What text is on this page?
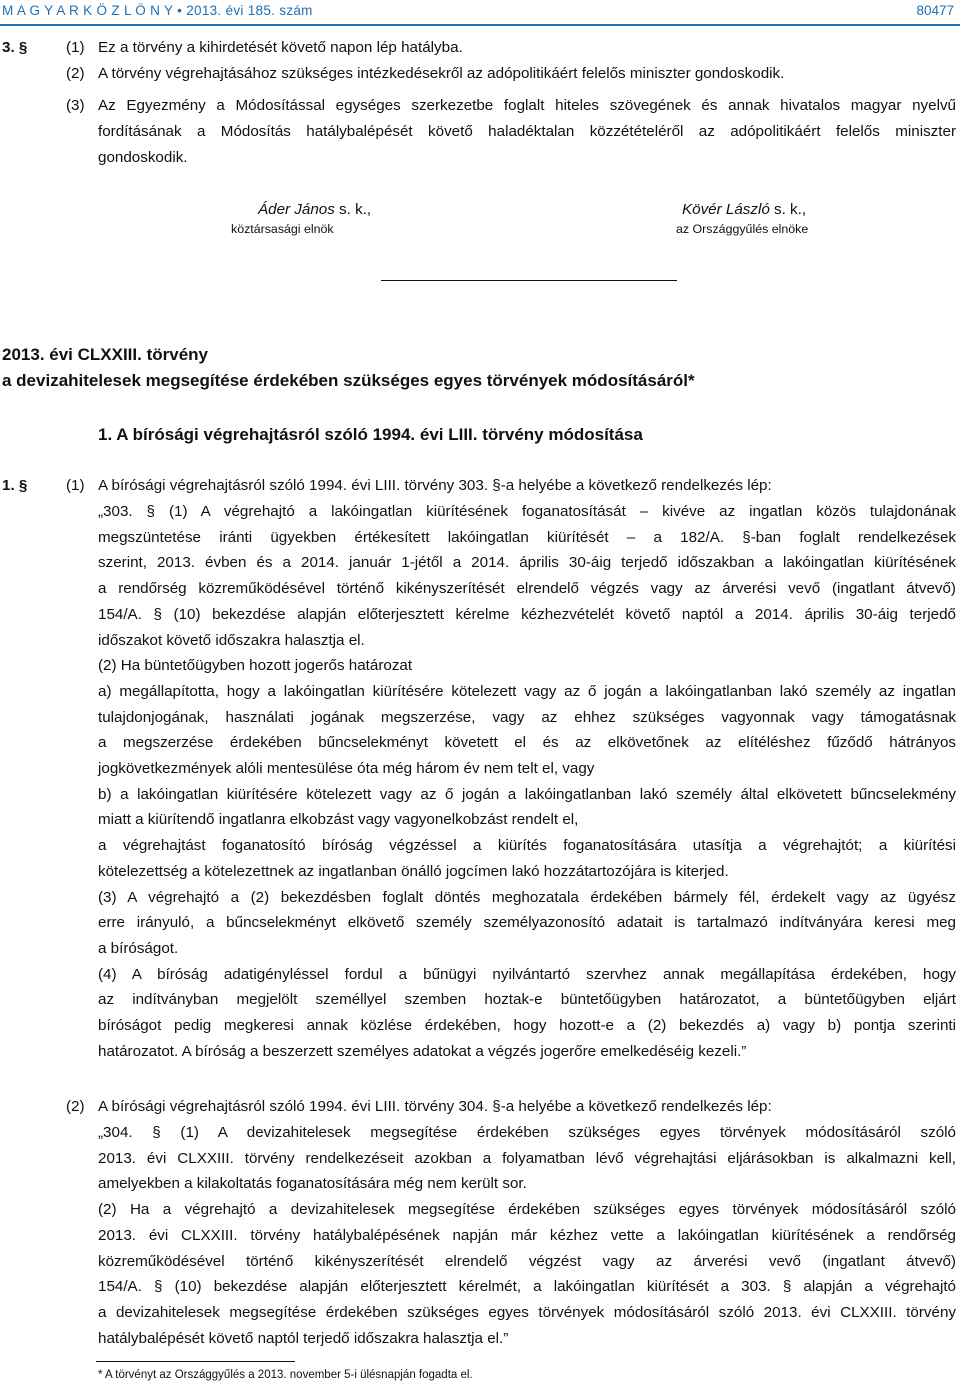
M A G Y A R K Ö Z L Ö N Y • 2013. évi 185. szám	80477
3. §	(1) Ez a törvény a kihirdetését követő napon lép hatályba.
(2) A törvény végrehajtásához szükséges intézkedésekről az adópolitikáért felelős miniszter gondoskodik.
(3) Az Egyezmény a Módosítással egységes szerkezetbe foglalt hiteles szövegének és annak hivatalos magyar nyelvű
fordításának a Módosítás hatálybalépését követő haladéktalan közzétételéről az adópolitikáért felelős miniszter
gondoskodik.
Áder János s. k.,
köztársasági elnök
Kövér László s. k.,
az Országgyűlés elnöke
2013. évi CLXXIII. törvény
a devizahitelesek megsegítése érdekében szükséges egyes törvények módosításáról*
1. A bírósági végrehajtásról szóló 1994. évi LIII. törvény módosítása
1. §	(1) A bírósági végrehajtásról szóló 1994. évi LIII. törvény 303. §-a helyébe a következő rendelkezés lép:
„303. § (1) A végrehajtó a lakóingatlan kiürítésének foganatosítását – kivéve az ingatlan közös tulajdonának
megszüntetése iránti ügyekben értékesített lakóingatlan kiürítését – a 182/A. §-ban foglalt rendelkezések
szerint, 2013. évben és a 2014. január 1-jétől a 2014. április 30-áig terjedő időszakban a lakóingatlan kiürítésének
a rendőrség közreműködésével történő kikényszerítését elrendelő végzés vagy az árverési vevő (ingatlant átvevő)
154/A. § (10) bekezdése alapján előterjesztett kérelme kézhezvételét követő naptól a 2014. április 30-áig terjedő
időszakot követő időszakra halasztja el.
(2) Ha büntetőügyben hozott jogerős határozat
a) megállapította, hogy a lakóingatlan kiürítésére kötelezett vagy az ő jogán a lakóingatlanban lakó személy az ingatlan
tulajdonjogának, használati jogának megszerzése, vagy az ehhez szükséges vagyonnak vagy támogatásnak
a megszerzése érdekében bűncselekményt követett el és az elkövetőnek az elítéléshez fűződő hátrányos
jogkövetkezmények alóli mentesülése óta még három év nem telt el, vagy
b) a lakóingatlan kiürítésére kötelezett vagy az ő jogán a lakóingatlanban lakó személy által elkövetett bűncselekmény
miatt a kiürítendő ingatlanra elkobzást vagy vagyonelkobzást rendelt el,
a végrehajtást foganatosító bíróság végzéssel a kiürítés foganatosítására utasítja a végrehajtót; a kiürítési
kötelezettség a kötelezettnek az ingatlanban önálló jogcímen lakó hozzátartozójára is kiterjed.
(3) A végrehajtó a (2) bekezdésben foglalt döntés meghozatala érdekében bármely fél, érdekelt vagy az ügyész
erre irányuló, a bűncselekményt elkövető személy személyazonosító adatait is tartalmazó indítványára keresi meg
a bíróságot.
(4) A bíróság adatigényléssel fordul a bűnügyi nyilvántartó szervhez annak megállapítása érdekében, hogy
az indítványban megjelölt személlyel szemben hoztak-e büntetőügyben határozatot, a büntetőügyben eljárt
bíróságot pedig megkeresi annak közlése érdekében, hogy hozott-e a (2) bekezdés a) vagy b) pontja szerinti
határozatot. A bíróság a beszerzett személyes adatokat a végzés jogerőre emelkedéséig kezeli.”
(2) A bírósági végrehajtásról szóló 1994. évi LIII. törvény 304. §-a helyébe a következő rendelkezés lép:
„304. § (1) A devizahitelesek megsegítése érdekében szükséges egyes törvények módosításáról szóló
2013. évi CLXXIII. törvény rendelkezéseit azokban a folyamatban lévő végrehajtási eljárásokban is alkalmazni kell,
amelyekben a kilakoltatás foganatosítására még nem került sor.
(2) Ha a végrehajtó a devizahitelesek megsegítése érdekében szükséges egyes törvények módosításáról szóló
2013. évi CLXXIII. törvény hatálybalépésének napján már kézhez vette a lakóingatlan kiürítésének a rendőrség
közreműködésével történő kikényszerítését elrendelő végzést vagy az árverési vevő (ingatlant átvevő)
154/A. § (10) bekezdése alapján előterjesztett kérelmét, a lakóingatlan kiürítését a 303. § alapján a végrehajtó
a devizahitelesek megsegítése érdekében szükséges egyes törvények módosításáról szóló 2013. évi CLXXIII. törvény
hatálybalépését követő naptól terjedő időszakra halasztja el.”
* A törvényt az Országgyűlés a 2013. november 5-i ülésnapján fogadta el.
